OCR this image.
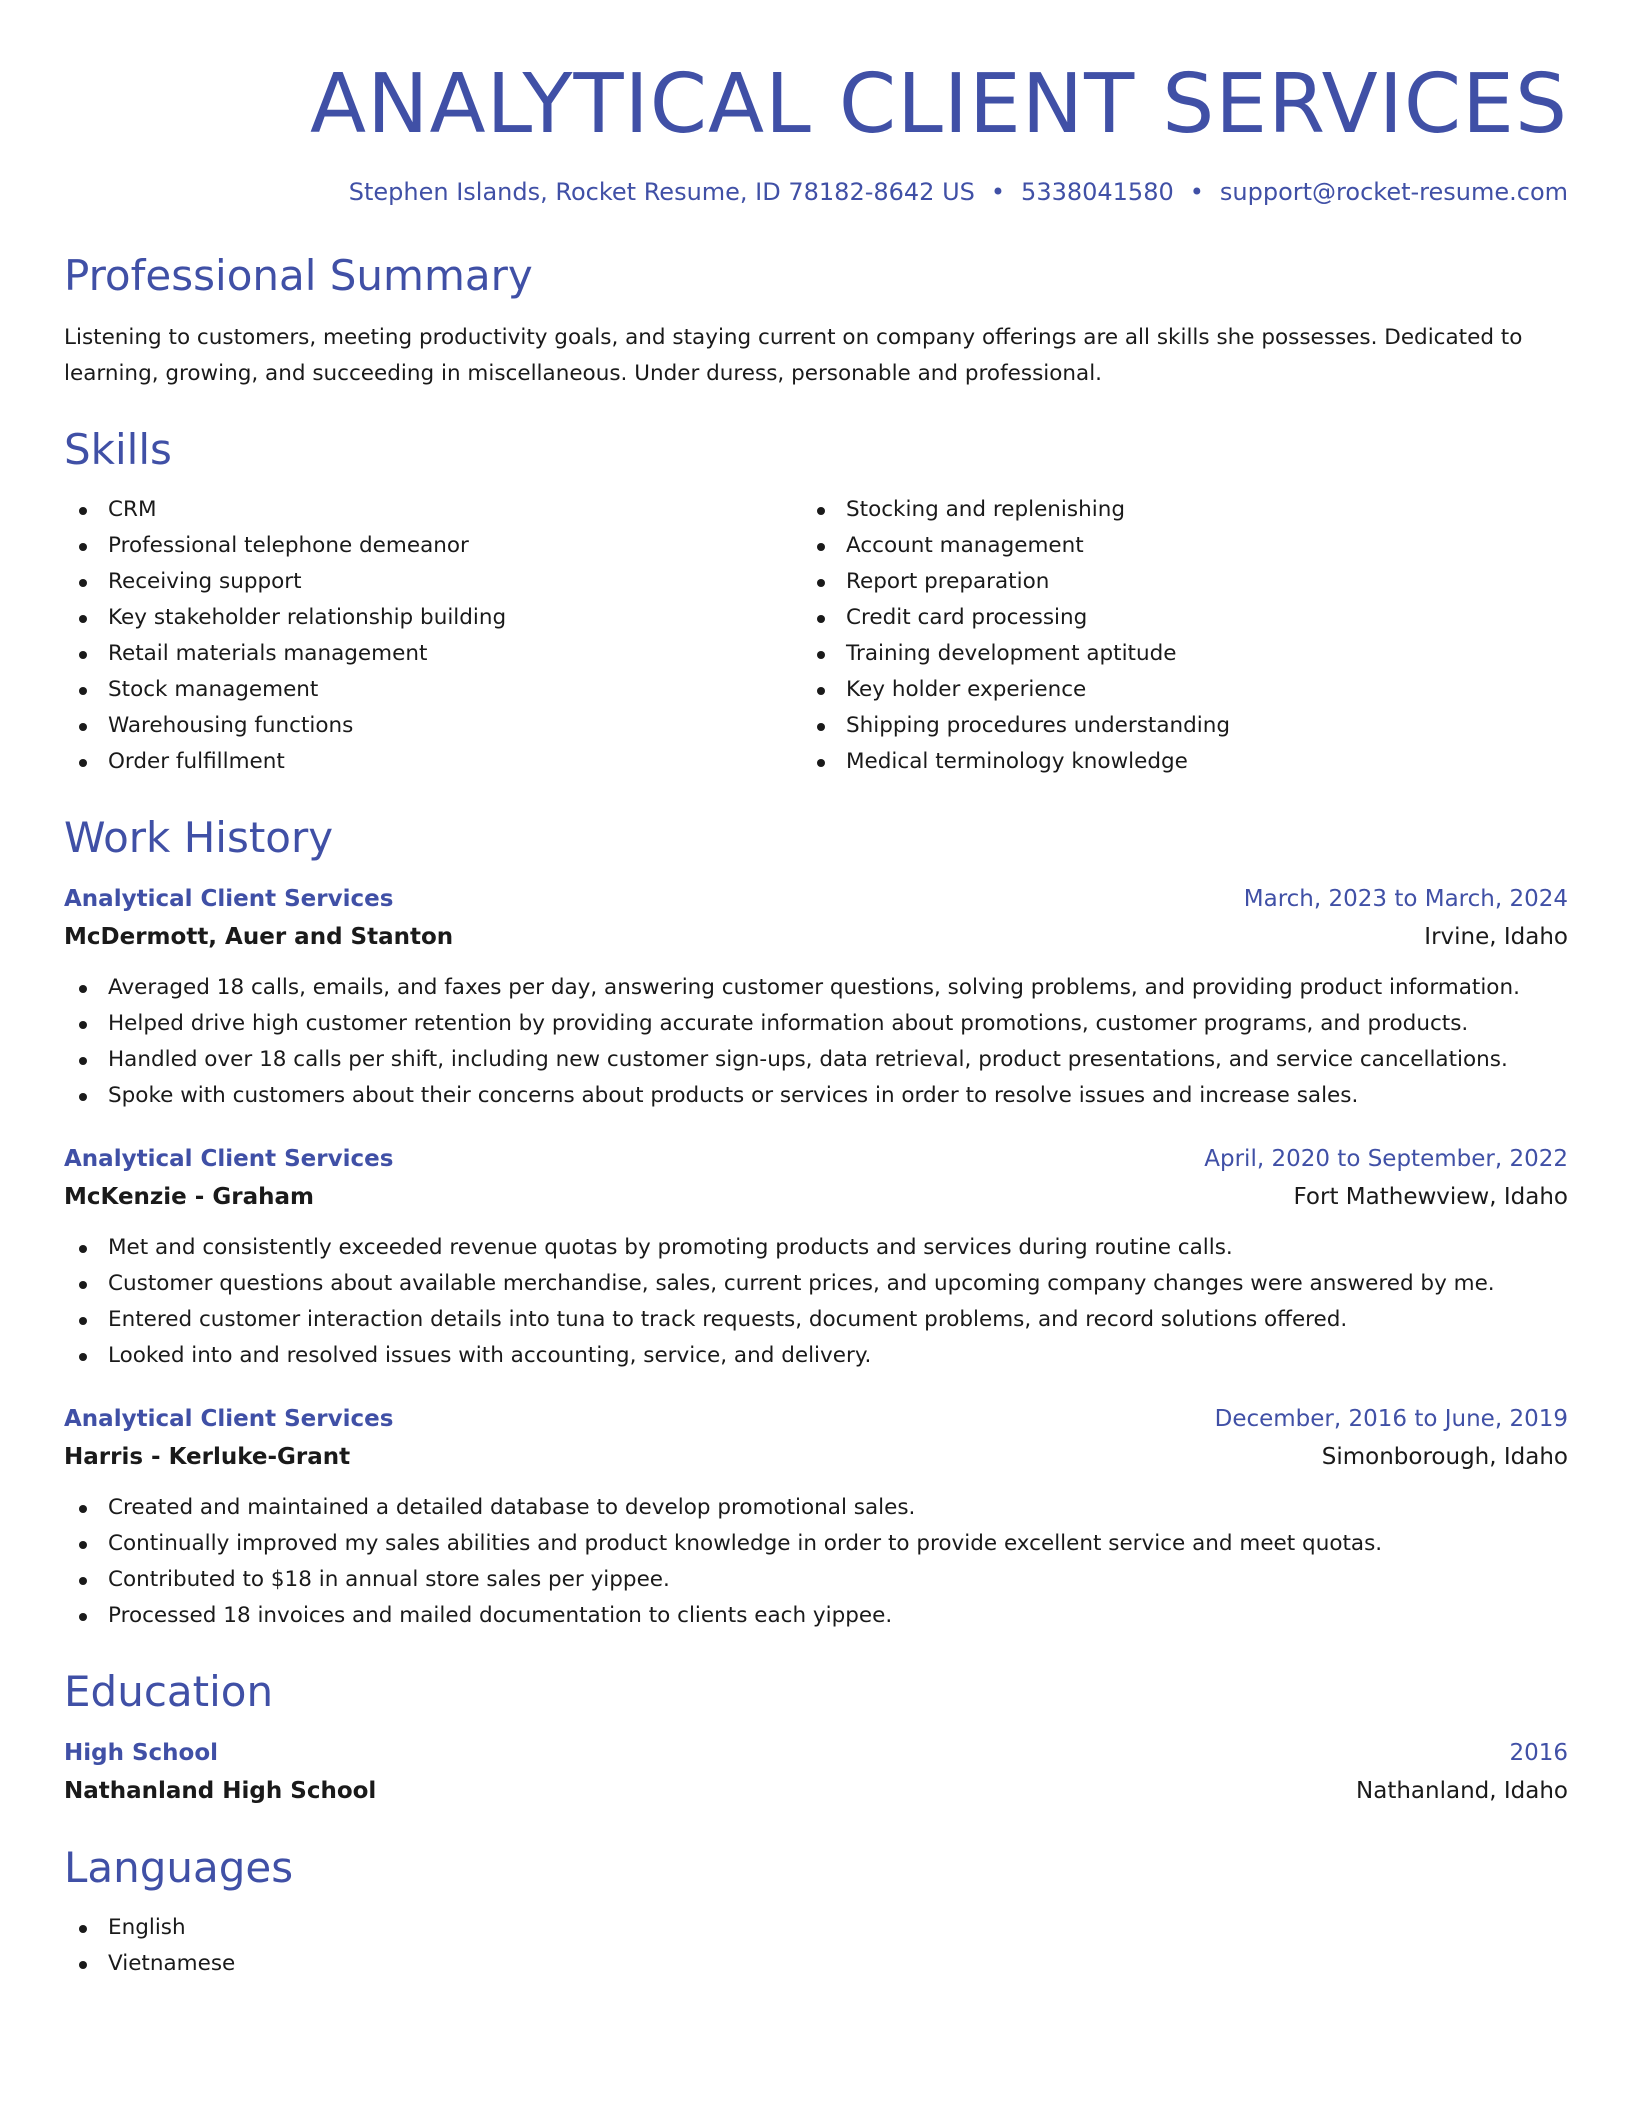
ANALYTICAL CLIENT SERVICES
Stephen Islands, Rocket Resume, ID 78182-8642 US • 5338041580 • support@rocket-resume.com
Professional Summary

Listening to customers, meeting productivity goals, and staying current on company offerings are all skills she possesses. Dedicated to learning, growing, and succeeding in miscellaneous. Under duress, personable and professional.

Skills
CRM
Professional telephone demeanor
Receiving support
Key stakeholder relationship building
Retail materials management
Stock management
Warehousing functions
Order fulfillment
Stocking and replenishing
Account management
Report preparation
Credit card processing
Training development aptitude
Key holder experience
Shipping procedures understanding
Medical terminology knowledge
Work History
Analytical Client Services	March, 2023 to March, 2024
McDermott, Auer and Stanton	Irvine, Idaho
Averaged 18 calls, emails, and faxes per day, answering customer questions, solving problems, and providing product information.
Helped drive high customer retention by providing accurate information about promotions, customer programs, and products.
Handled over 18 calls per shift, including new customer sign-ups, data retrieval, product presentations, and service cancellations.
Spoke with customers about their concerns about products or services in order to resolve issues and increase sales.
Analytical Client Services	April, 2020 to September, 2022
McKenzie - Graham	Fort Mathewview, Idaho
Met and consistently exceeded revenue quotas by promoting products and services during routine calls.
Customer questions about available merchandise, sales, current prices, and upcoming company changes were answered by me.
Entered customer interaction details into tuna to track requests, document problems, and record solutions offered.
Looked into and resolved issues with accounting, service, and delivery.
Analytical Client Services	December, 2016 to June, 2019
Harris - Kerluke-Grant	Simonborough, Idaho
Created and maintained a detailed database to develop promotional sales.
Continually improved my sales abilities and product knowledge in order to provide excellent service and meet quotas.
Contributed to $18 in annual store sales per yippee.
Processed 18 invoices and mailed documentation to clients each yippee.
Education
High School	2016
Nathanland High School	Nathanland, Idaho
Languages
English
Vietnamese
